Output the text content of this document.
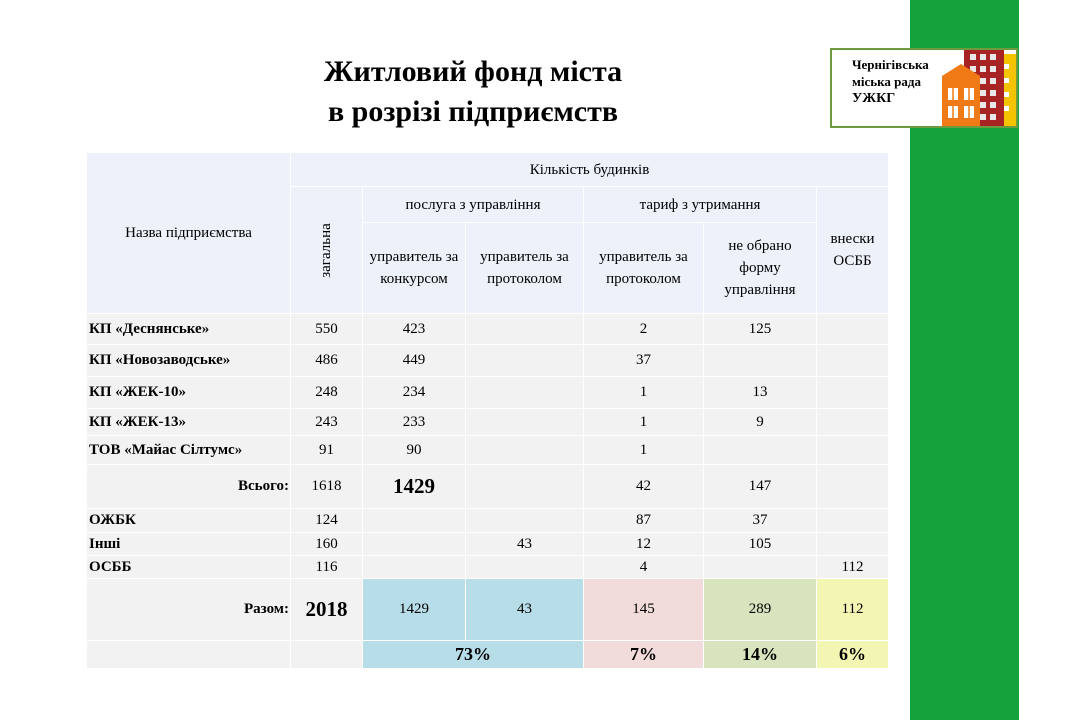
Житловий фонд міста
в розрізі підприємств
Чернігівська
міська рада
УЖКГ
Назва підприємства	Кількість будинків					
	загальна	послуга з управління		тариф з утримання		внески ОСББ
		управитель за конкурсом	управитель за протоколом	управитель за протоколом	не обрано форму управління	
КП «Деснянське»	550	423		2	125	
КП «Новозаводське»	486	449		37		
КП «ЖЕК-10»	248	234		1	13	
КП «ЖЕК-13»	243	233		1	9	
ТОВ «Майас Сілтумс»	91	90		1		
Всього:	1618	1429		42	147	
ОЖБК	124			87	37	
Інші	160		43	12	105	
ОСББ	116			4		112
Разом:	2018	1429	43	145	289	112
		73%		7%	14%	6%
